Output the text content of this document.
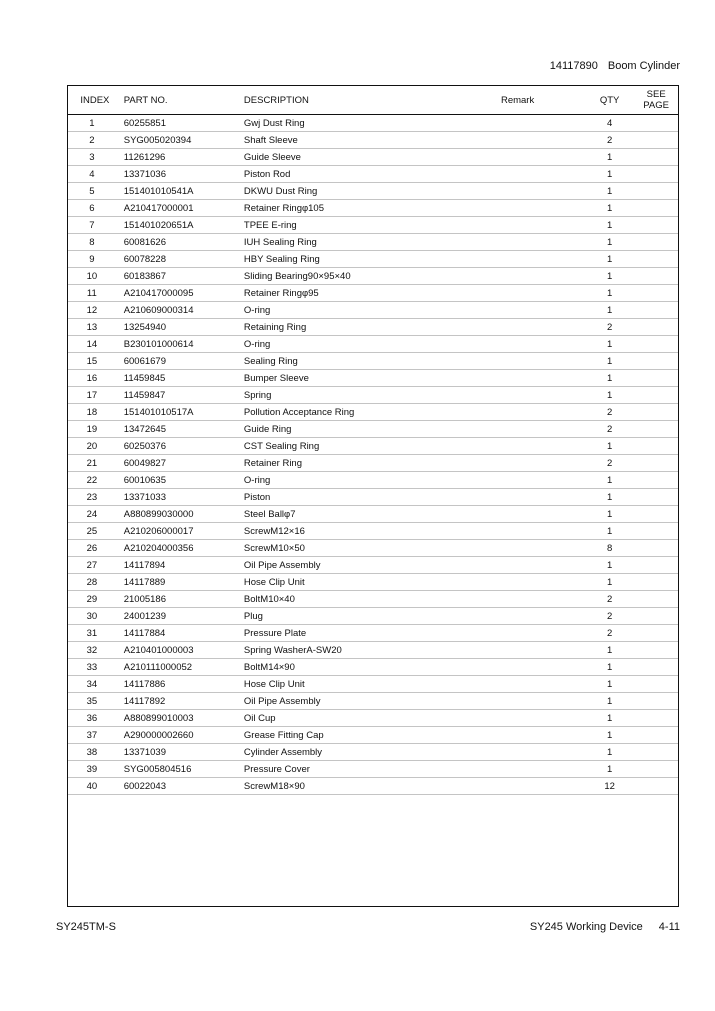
14117890 Boom Cylinder
INDEX	PART NO.	DESCRIPTION	Remark	QTY	SEE
PAGE

1	60255851	Gwj Dust Ring		4	
2	SYG005020394	Shaft Sleeve		2	
3	11261296	Guide Sleeve		1	
4	13371036	Piston Rod		1	
5	151401010541A	DKWU Dust Ring		1	
6	A210417000001	Retainer Ringφ105		1	
7	151401020651A	TPEE E-ring		1	
8	60081626	IUH Sealing Ring		1	
9	60078228	HBY Sealing Ring		1	
10	60183867	Sliding Bearing90×95×40		1	
11	A210417000095	Retainer Ringφ95		1	
12	A210609000314	O-ring		1	
13	13254940	Retaining Ring		2	
14	B230101000614	O-ring		1	
15	60061679	Sealing Ring		1	
16	11459845	Bumper Sleeve		1	
17	11459847	Spring		1	
18	151401010517A	Pollution Acceptance Ring		2	
19	13472645	Guide Ring		2	
20	60250376	CST Sealing Ring		1	
21	60049827	Retainer Ring		2	
22	60010635	O-ring		1	
23	13371033	Piston		1	
24	A880899030000	Steel Ballφ7		1	
25	A210206000017	ScrewM12×16		1	
26	A210204000356	ScrewM10×50		8	
27	14117894	Oil Pipe Assembly		1	
28	14117889	Hose Clip Unit		1	
29	21005186	BoltM10×40		2	
30	24001239	Plug		2	
31	14117884	Pressure Plate		2	
32	A210401000003	Spring WasherA-SW20		1	
33	A210111000052	BoltM14×90		1	
34	14117886	Hose Clip Unit		1	
35	14117892	Oil Pipe Assembly		1	
36	A880899010003	Oil Cup		1	
37	A290000002660	Grease Fitting Cap		1	
38	13371039	Cylinder Assembly		1	
39	SYG005804516	Pressure Cover		1	
40	60022043	ScrewM18×90		12	
SY245TM-S	SY245 Working Device 4-11
